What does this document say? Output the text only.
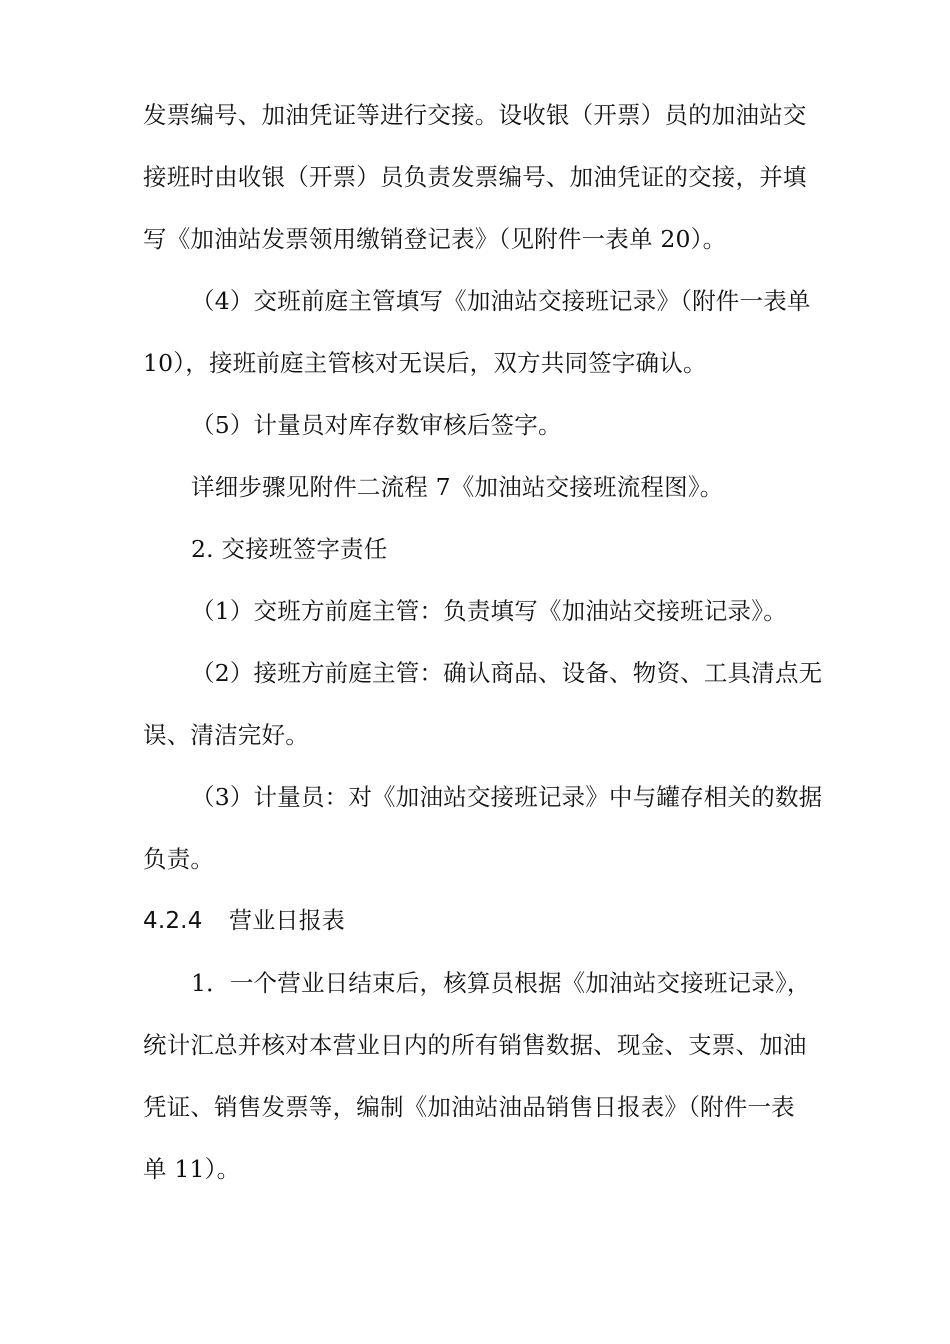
发票编号、加油凭证等进行交接。设收银（开票）员的加油站交
接班时由收银（开票）员负责发票编号、加油凭证的交接，并填
写《加油站发票领用缴销登记表》（见附件一表单 20）。
（4）交班前庭主管填写《加油站交接班记录》（附件一表单
10），接班前庭主管核对无误后，双方共同签字确认。
（5）计量员对库存数审核后签字。
详细步骤见附件二流程 7《加油站交接班流程图》。
2. 交接班签字责任
（1）交班方前庭主管：负责填写《加油站交接班记录》。
（2）接班方前庭主管：确认商品、设备、物资、工具清点无
误、清洁完好。
（3）计量员：对《加油站交接班记录》中与罐存相关的数据
负责。
4.2.4 营业日报表
1．一个营业日结束后，核算员根据《加油站交接班记录》，
统计汇总并核对本营业日内的所有销售数据、现金、支票、加油
凭证、销售发票等，编制《加油站油品销售日报表》（附件一表
单 11）。
